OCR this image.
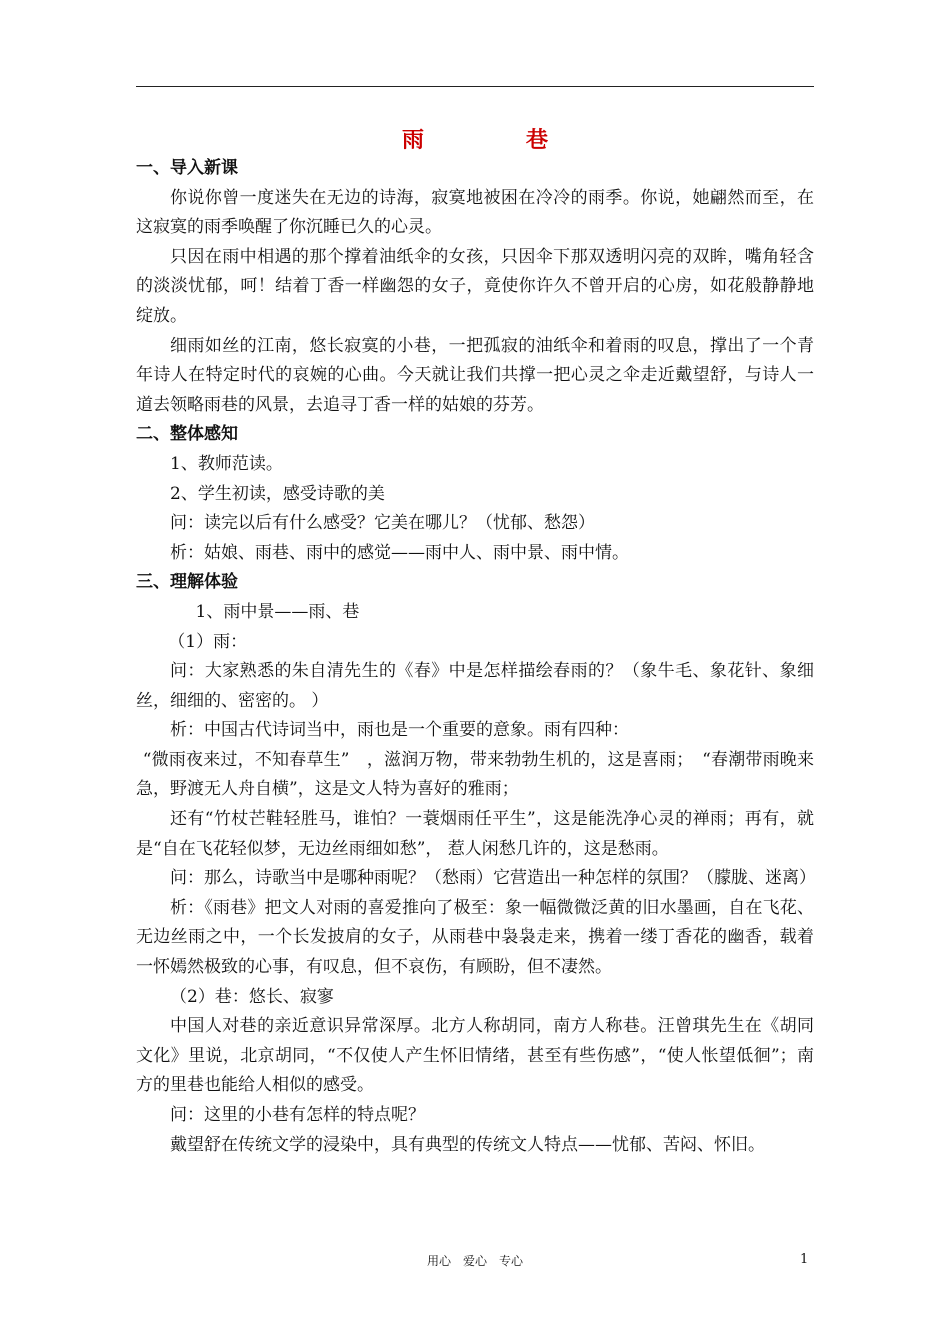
雨　巷

一、导入新课

你说你曾一度迷失在无边的诗海，寂寞地被困在冷冷的雨季。你说，她翩然而至，在这寂寞的雨季唤醒了你沉睡已久的心灵。

只因在雨中相遇的那个撑着油纸伞的女孩，只因伞下那双透明闪亮的双眸，嘴角轻含的淡淡忧郁，呵！结着丁香一样幽怨的女子，竟使你许久不曾开启的心房，如花般静静地绽放。

细雨如丝的江南，悠长寂寞的小巷，一把孤寂的油纸伞和着雨的叹息，撑出了一个青年诗人在特定时代的哀婉的心曲。今天就让我们共撑一把心灵之伞走近戴望舒，与诗人一道去领略雨巷的风景，去追寻丁香一样的姑娘的芬芳。

二、整体感知

1、教师范读。

2、学生初读，感受诗歌的美

问：读完以后有什么感受？它美在哪儿？（忧郁、愁怨）

析：姑娘、雨巷、雨中的感觉——雨中人、雨中景、雨中情。

三、理解体验

1、雨中景——雨、巷

（1）雨：

问：大家熟悉的朱自清先生的《春》中是怎样描绘春雨的？（象牛毛、象花针、象细丝，细细的、密密的。 ）

析：中国古代诗词当中，雨也是一个重要的意象。雨有四种：

“微雨夜来过，不知春草生”　，滋润万物，带来勃勃生机的，这是喜雨；　“春潮带雨晚来急，野渡无人舟自横”，这是文人特为喜好的雅雨；

还有“竹杖芒鞋轻胜马，谁怕？一蓑烟雨任平生”，这是能洗净心灵的禅雨；再有，就是“自在飞花轻似梦，无边丝雨细如愁”， 惹人闲愁几许的，这是愁雨。

问：那么，诗歌当中是哪种雨呢？（愁雨）它营造出一种怎样的氛围？（朦胧、迷离）

析：《雨巷》把文人对雨的喜爱推向了极至：象一幅微微泛黄的旧水墨画，自在飞花、无边丝雨之中，一个长发披肩的女子，从雨巷中袅袅走来，携着一缕丁香花的幽香，载着一怀嫣然极致的心事，有叹息，但不哀伤，有顾盼，但不凄然。

（2）巷：悠长、寂寥

中国人对巷的亲近意识异常深厚。北方人称胡同，南方人称巷。汪曾琪先生在《胡同文化》里说，北京胡同，“不仅使人产生怀旧情绪，甚至有些伤感”，“使人怅望低徊”；南方的里巷也能给人相似的感受。

问：这里的小巷有怎样的特点呢？

戴望舒在传统文学的浸染中，具有典型的传统文人特点——忧郁、苦闷、怀旧。

用心　爱心　专心	1
